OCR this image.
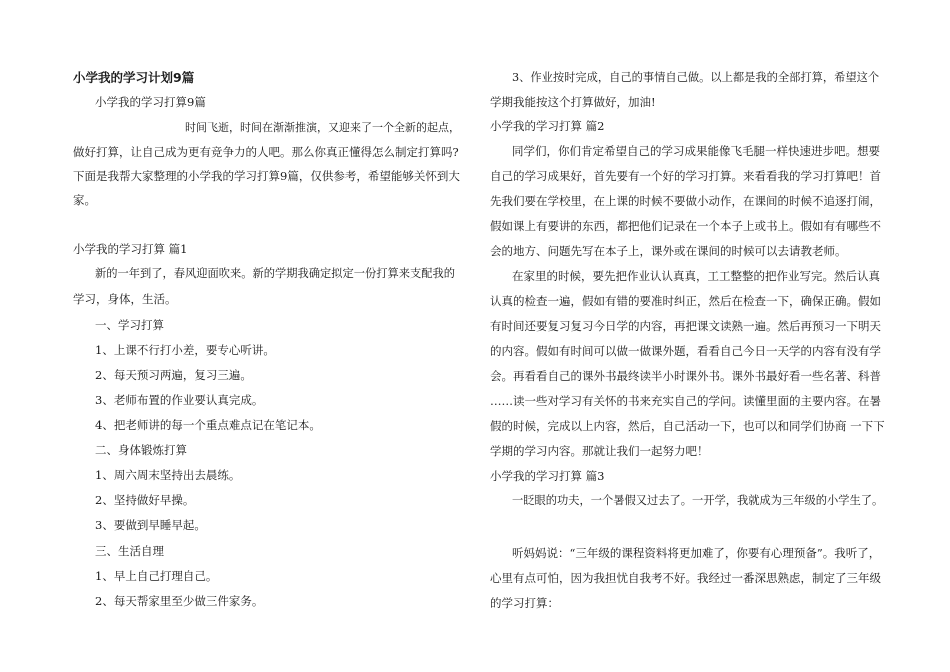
小学我的学习计划9篇
小学我的学习打算9篇
时间飞逝，时间在渐渐推演，又迎来了一个全新的起点，
做好打算，让自己成为更有竞争力的人吧。那么你真正懂得怎么制定打算吗?
下面是我帮大家整理的小学我的学习打算9篇，仅供参考，希望能够关怀到大
家。
小学我的学习打算 篇1
新的一年到了，春风迎面吹来。新的学期我确定拟定一份打算来支配我的
学习，身体，生活。
一、学习打算
1、上课不行打小差，要专心听讲。
2、每天预习两遍，复习三遍。
3、老师布置的作业要认真完成。
4、把老师讲的每一个重点难点记在笔记本。
二、身体锻炼打算
1、周六周末坚持出去晨练。
2、坚持做好早操。
3、要做到早睡早起。
三、生活自理
1、早上自己打理自己。
2、每天帮家里至少做三件家务。
3、作业按时完成，自己的事情自己做。以上都是我的全部打算，希望这个
学期我能按这个打算做好，加油!
小学我的学习打算 篇2
同学们，你们肯定希望自己的学习成果能像飞毛腿一样快速进步吧。想要
自己的学习成果好，首先要有一个好的学习打算。来看看我的学习打算吧！首
先我们要在学校里，在上课的时候不要做小动作，在课间的时候不追逐打闹，
假如课上有要讲的东西，都把他们记录在一个本子上或书上。假如有有哪些不
会的地方、问题先写在本子上，课外或在课间的时候可以去请教老师。
在家里的时候，要先把作业认认真真，工工整整的把作业写完。然后认真
认真的检查一遍，假如有错的要准时纠正，然后在检查一下，确保正确。假如
有时间还要复习复习今日学的内容，再把课文读熟一遍。然后再预习一下明天
的内容。假如有时间可以做一做课外题，看看自己今日一天学的内容有没有学
会。再看看自己的课外书最终读半小时课外书。课外书最好看一些名著、科普
……读一些对学习有关怀的书来充实自己的学问。读懂里面的主要内容。在暑
假的时候，完成以上内容，然后，自己活动一下，也可以和同学们协商 一下下
学期的学习内容。那就让我们一起努力吧！
小学我的学习打算 篇3
一眨眼的功夫，一个暑假又过去了。一开学，我就成为三年级的小学生了。
听妈妈说：“三年级的课程资料将更加难了，你要有心理预备”。我听了，
心里有点可怕，因为我担忧自我考不好。我经过一番深思熟虑，制定了三年级
的学习打算：
